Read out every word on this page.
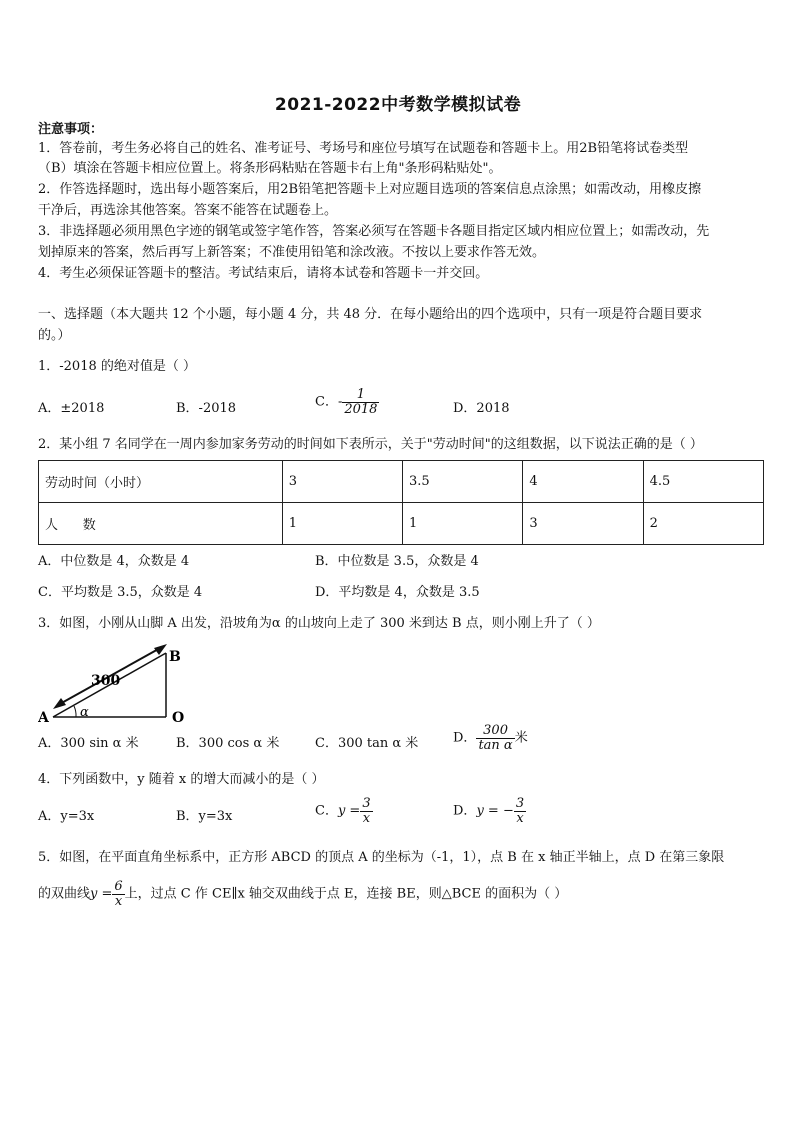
2021-2022中考数学模拟试卷
注意事项：
1．答卷前，考生务必将自己的姓名、准考证号、考场号和座位号填写在试题卷和答题卡上。用2B铅笔将试卷类型
（B）填涂在答题卡相应位置上。将条形码粘贴在答题卡右上角"条形码粘贴处"。
2．作答选择题时，选出每小题答案后，用2B铅笔把答题卡上对应题目选项的答案信息点涂黑；如需改动，用橡皮擦
干净后，再选涂其他答案。答案不能答在试题卷上。
3．非选择题必须用黑色字迹的钢笔或签字笔作答，答案必须写在答题卡各题目指定区域内相应位置上；如需改动，先
划掉原来的答案，然后再写上新答案；不准使用铅笔和涂改液。不按以上要求作答无效。
4．考生必须保证答题卡的整洁。考试结束后，请将本试卷和答题卡一并交回。
一、选择题（本大题共 12 个小题，每小题 4 分，共 48 分．在每小题给出的四个选项中，只有一项是符合题目要求
的。）
1．-2018 的绝对值是（ ）
A．±2018	B．-2018	C．- $\frac{1}{2018}$	D．2018
2．某小组 7 名同学在一周内参加家务劳动的时间如下表所示，关于"劳动时间"的这组数据，以下说法正确的是（ ）
劳动时间（小时）	3	3.5	4	4.5
人      数	1	1	3	2
A．中位数是 4，众数是 4	B．中位数是 3.5，众数是 4
C．平均数是 3.5，众数是 4	D．平均数是 4，众数是 3.5
3．如图，小刚从山脚 A 出发，沿坡角为α 的山坡向上走了 300 米到达 B 点，则小刚上升了（ ）
A
B
O
300
α
A．300 sin α 米	B．300 cos α 米	C．300 tan α 米	D． $\frac{300}{\text{tan α}}$ 米
4．下列函数中，y 随着 x 的增大而减小的是（ ）
A．y=3x	B．y=3x	C．$y = \frac{3}{x}$	D．y = − $\frac{3}{x}$
5．如图，在平面直角坐标系中，正方形 ABCD 的顶点 A 的坐标为（-1，1），点 B 在 x 轴正半轴上，点 D 在第三象限
的双曲线$y = \frac{6}{x}$ 上，过点 C 作 CE∥x 轴交双曲线于点 E，连接 BE，则△BCE 的面积为（ ）
